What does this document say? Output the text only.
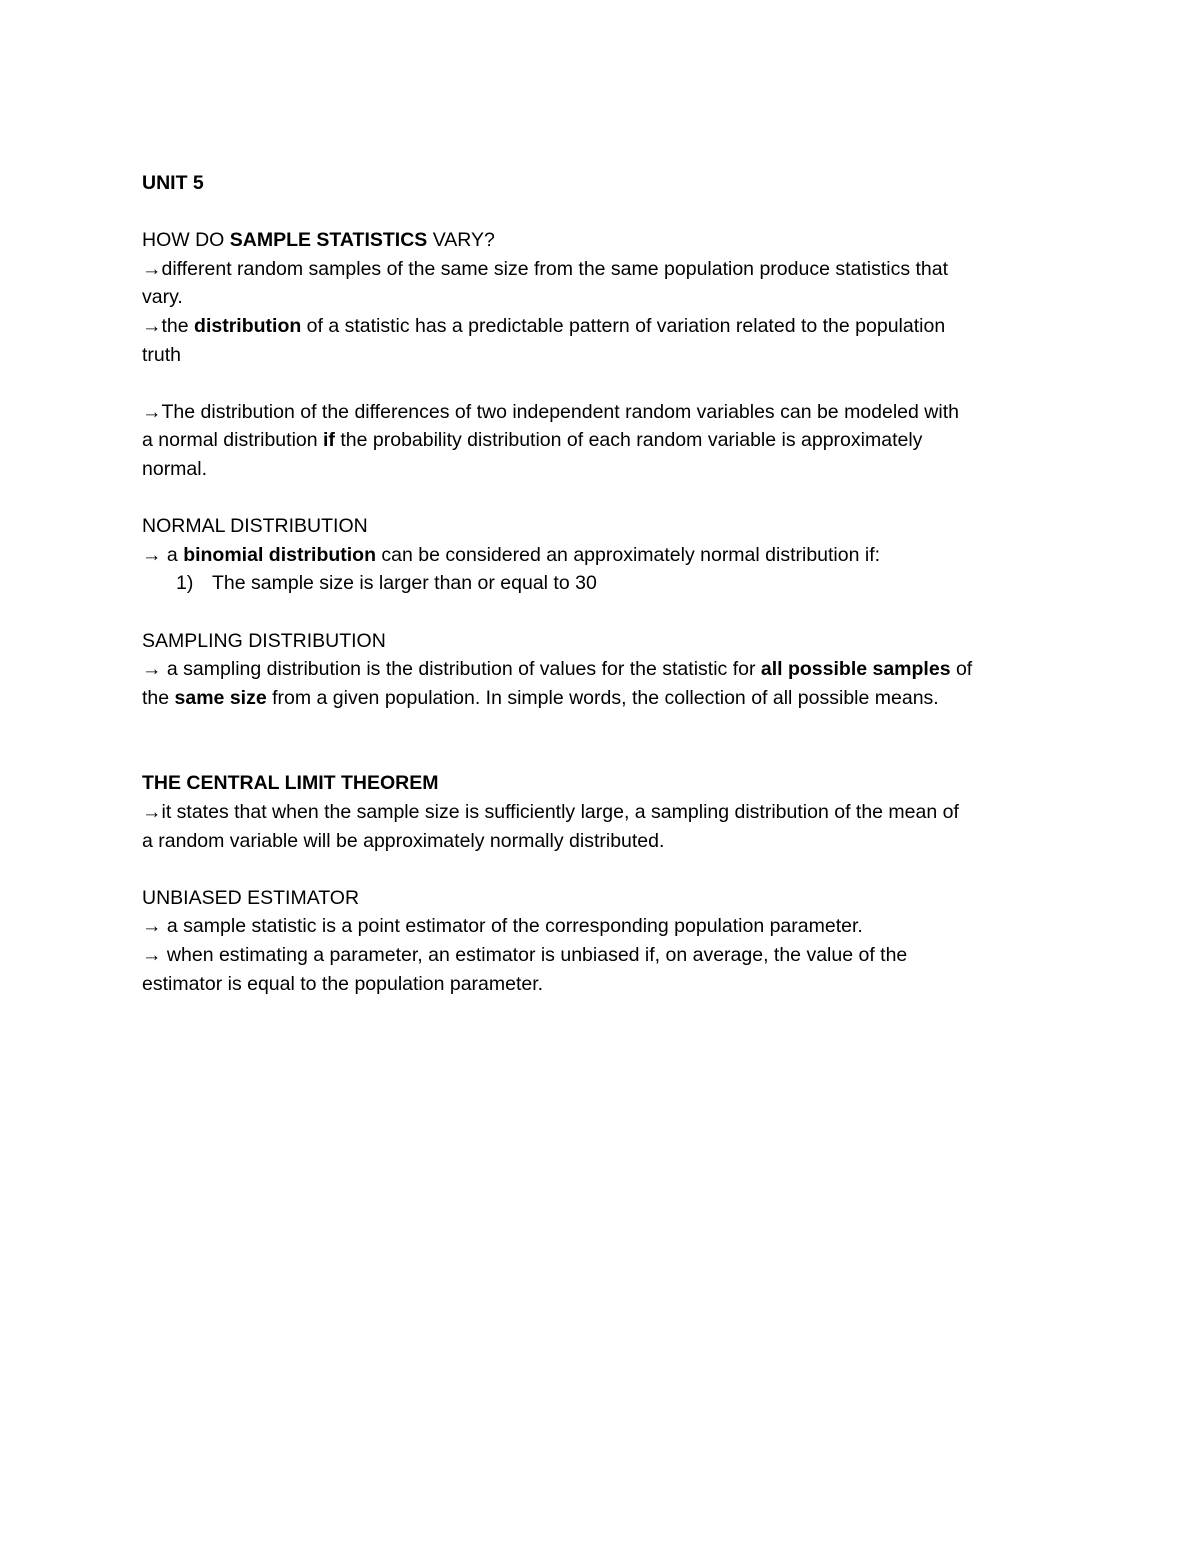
UNIT 5
HOW DO SAMPLE STATISTICS VARY?
→different random samples of the same size from the same population produce statistics that
vary.
→the distribution of a statistic has a predictable pattern of variation related to the population
truth
→The distribution of the differences of two independent random variables can be modeled with
a normal distribution if the probability distribution of each random variable is approximately
normal.
NORMAL DISTRIBUTION
→ a binomial distribution can be considered an approximately normal distribution if:
1) The sample size is larger than or equal to 30
SAMPLING DISTRIBUTION
→ a sampling distribution is the distribution of values for the statistic for all possible samples of
the same size from a given population. In simple words, the collection of all possible means.
THE CENTRAL LIMIT THEOREM
→it states that when the sample size is sufficiently large, a sampling distribution of the mean of
a random variable will be approximately normally distributed.
UNBIASED ESTIMATOR
→ a sample statistic is a point estimator of the corresponding population parameter.
→ when estimating a parameter, an estimator is unbiased if, on average, the value of the
estimator is equal to the population parameter.
